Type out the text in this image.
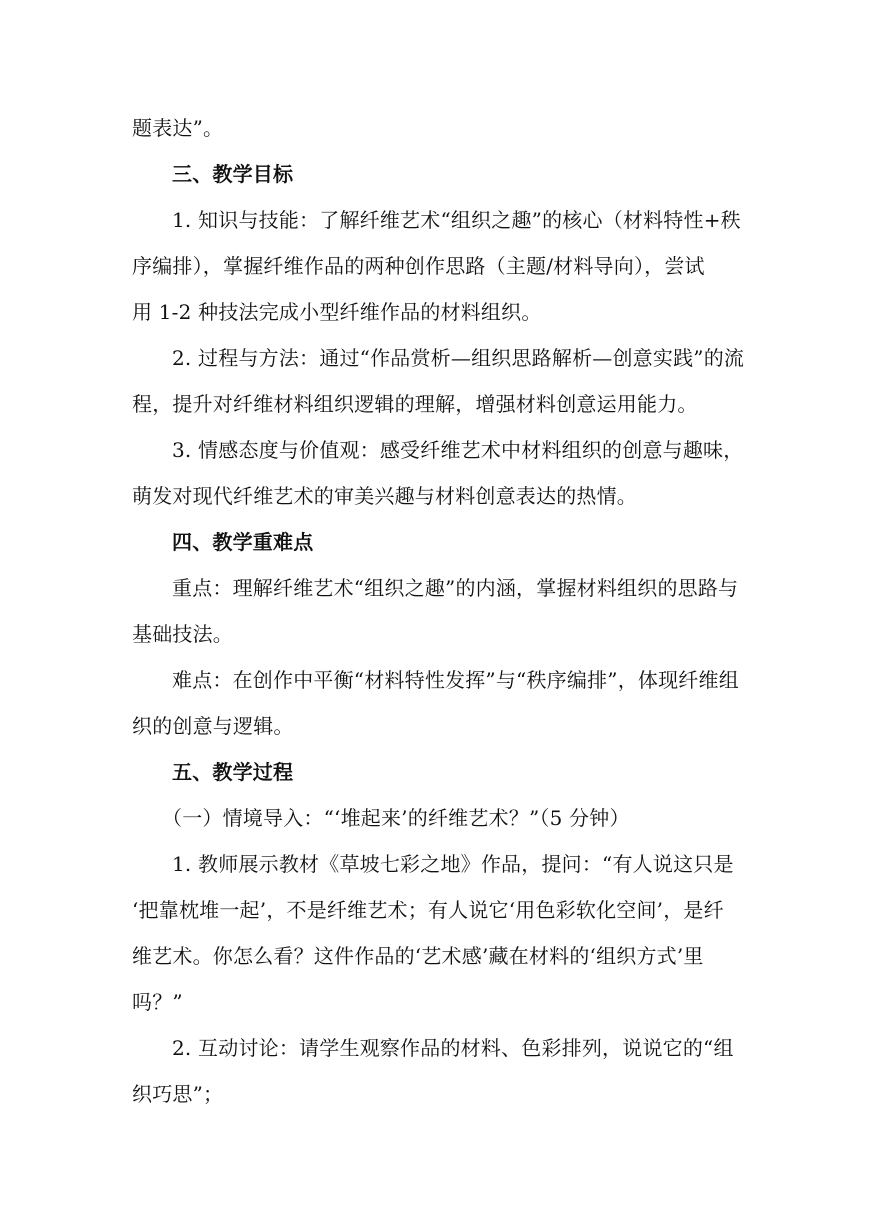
题表达”。
三、教学目标
1. 知识与技能：了解纤维艺术“组织之趣”的核心（材料特性+秩
序编排），掌握纤维作品的两种创作思路（主题/材料导向），尝试
用 1-2 种技法完成小型纤维作品的材料组织。
2. 过程与方法：通过“作品赏析—组织思路解析—创意实践”的流
程，提升对纤维材料组织逻辑的理解，增强材料创意运用能力。
3. 情感态度与价值观：感受纤维艺术中材料组织的创意与趣味，
萌发对现代纤维艺术的审美兴趣与材料创意表达的热情。
四、教学重难点
重点：理解纤维艺术“组织之趣”的内涵，掌握材料组织的思路与
基础技法。
难点：在创作中平衡“材料特性发挥”与“秩序编排”，体现纤维组
织的创意与逻辑。
五、教学过程
（一）情境导入：“‘堆起来’的纤维艺术？”（5 分钟）
1. 教师展示教材《草坡七彩之地》作品，提问：“有人说这只是
‘把靠枕堆一起’，不是纤维艺术；有人说它‘用色彩软化空间’，是纤
维艺术。你怎么看？这件作品的‘艺术感’藏在材料的‘组织方式’里
吗？”
2. 互动讨论：请学生观察作品的材料、色彩排列，说说它的“组
织巧思”；
